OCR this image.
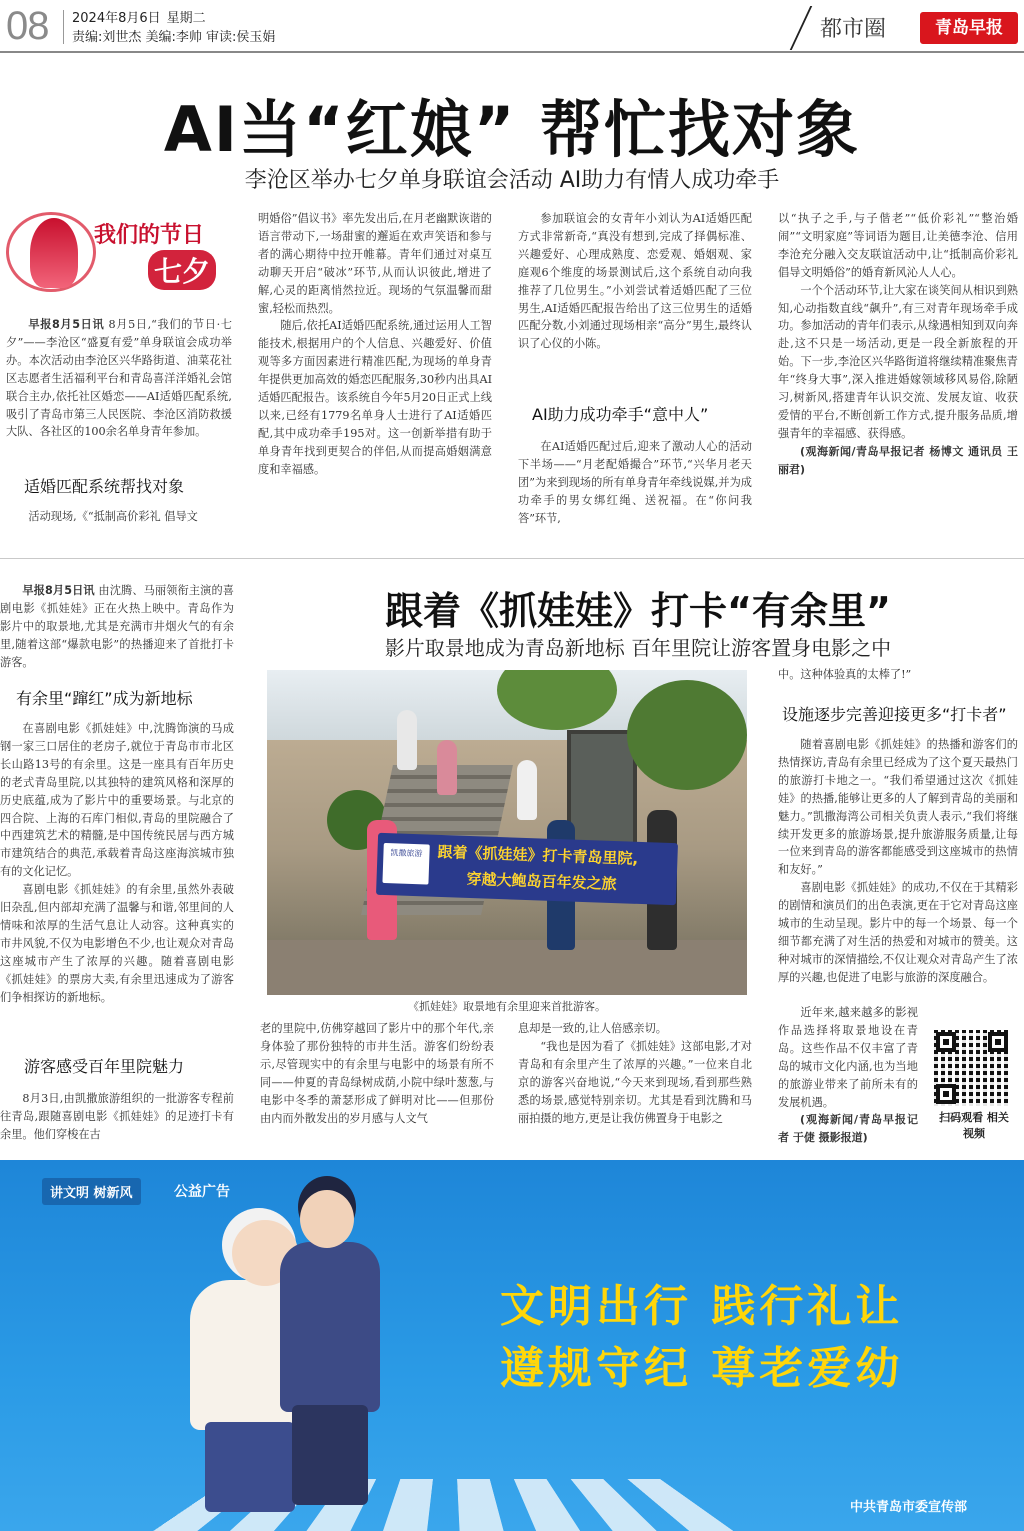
08 2024年8月6日 星期二
责编:刘世杰 美编:李帅 审读:侯玉娟	都市圈	青岛早报
AI当“红娘” 帮忙找对象
李沧区举办七夕单身联谊会活动 AI助力有情人成功牵手
我们的节日
七夕

早报8月5日讯 8月5日,“我们的节日·七夕”——李沧区“盛夏有爱”单身联谊会成功举办。本次活动由李沧区兴华路街道、油菜花社区志愿者生活福利平台和青岛喜洋洋婚礼会馆联合主办,依托社区婚恋——AI适婚匹配系统,吸引了青岛市第三人民医院、李沧区消防救援大队、各社区的100余名单身青年参加。

适婚匹配系统帮找对象

活动现场,《“抵制高价彩礼 倡导文

明婚俗”倡议书》率先发出后,在月老幽默诙谐的语言带动下,一场甜蜜的邂逅在欢声笑语和参与者的满心期待中拉开帷幕。青年们通过对桌互动聊天开启“破冰”环节,从而认识彼此,增进了解,心灵的距离悄然拉近。现场的气氛温馨而甜蜜,轻松而热烈。

随后,依托AI适婚匹配系统,通过运用人工智能技术,根据用户的个人信息、兴趣爱好、价值观等多方面因素进行精准匹配,为现场的单身青年提供更加高效的婚恋匹配服务,30秒内出具AI适婚匹配报告。该系统自今年5月20日正式上线以来,已经有1779名单身人士进行了AI适婚匹配,其中成功牵手195对。这一创新举措有助于单身青年找到更契合的伴侣,从而提高婚姻满意度和幸福感。

参加联谊会的女青年小刘认为AI适婚匹配方式非常新奇,“真没有想到,完成了择偶标准、兴趣爱好、心理成熟度、恋爱观、婚姻观、家庭观6个维度的场景测试后,这个系统自动向我推荐了几位男生。”小刘尝试着适婚匹配了三位男生,AI适婚匹配报告给出了这三位男生的适婚匹配分数,小刘通过现场相亲“高分”男生,最终认识了心仪的小陈。

AI助力成功牵手“意中人”

在AI适婚匹配过后,迎来了激动人心的活动下半场——“月老配婚撮合”环节,“兴华月老天团”为来到现场的所有单身青年牵线说媒,并为成功牵手的男女绑红绳、送祝福。在“你问我答”环节,

以“执子之手,与子偕老”“低价彩礼”“整治婚闹”“文明家庭”等词语为题目,让美德李沧、信用李沧充分融入交友联谊活动中,让“抵制高价彩礼 倡导文明婚俗”的婚育新风沁人人心。

一个个活动环节,让大家在谈笑间从相识到熟知,心动指数直线“飙升”,有三对青年现场牵手成功。参加活动的青年们表示,从缘遇相知到双向奔赴,这不只是一场活动,更是一段全新旅程的开始。下一步,李沧区兴华路街道将继续精准聚焦青年“终身大事”,深入推进婚嫁领域移风易俗,除陋习,树新风,搭建青年认识交流、发展友谊、收获爱情的平台,不断创新工作方式,提升服务品质,增强青年的幸福感、获得感。

(观海新闻/青岛早报记者 杨博文 通讯员 王丽君)

跟着《抓娃娃》打卡“有余里”
影片取景地成为青岛新地标 百年里院让游客置身电影之中

早报8月5日讯 由沈腾、马丽领衔主演的喜剧电影《抓娃娃》正在火热上映中。青岛作为影片中的取景地,尤其是充满市井烟火气的有余里,随着这部“爆款电影”的热播迎来了首批打卡游客。

有余里“蹿红”成为新地标

在喜剧电影《抓娃娃》中,沈腾饰演的马成钢一家三口居住的老房子,就位于青岛市市北区长山路13号的有余里。这是一座具有百年历史的老式青岛里院,以其独特的建筑风格和深厚的历史底蕴,成为了影片中的重要场景。与北京的四合院、上海的石库门相似,青岛的里院融合了中西建筑艺术的精髓,是中国传统民居与西方城市建筑结合的典范,承载着青岛这座海滨城市独有的文化记忆。

喜剧电影《抓娃娃》的有余里,虽然外表破旧杂乱,但内部却充满了温馨与和谐,邻里间的人情味和浓厚的生活气息让人动容。这种真实的市井风貌,不仅为电影增色不少,也让观众对青岛这座城市产生了浓厚的兴趣。随着喜剧电影《抓娃娃》的票房大卖,有余里迅速成为了游客们争相探访的新地标。

游客感受百年里院魅力

8月3日,由凯撒旅游组织的一批游客专程前往青岛,跟随喜剧电影《抓娃娃》的足迹打卡有余里。他们穿梭在古

凯撒旅游 跟着《抓娃娃》打卡青岛里院,
穿越大鲍岛百年发之旅
《抓娃娃》取景地有余里迎来首批游客。

老的里院中,仿佛穿越回了影片中的那个年代,亲身体验了那份独特的市井生活。游客们纷纷表示,尽管现实中的有余里与电影中的场景有所不同——仲夏的青岛绿树成荫,小院中绿叶葱葱,与电影中冬季的萧瑟形成了鲜明对比——但那份由内而外散发出的岁月感与人文气

息却是一致的,让人倍感亲切。

“我也是因为看了《抓娃娃》这部电影,才对青岛和有余里产生了浓厚的兴趣。”一位来自北京的游客兴奋地说,“今天来到现场,看到那些熟悉的场景,感觉特别亲切。尤其是看到沈腾和马丽拍摄的地方,更是让我仿佛置身于电影之

中。这种体验真的太棒了!”

设施逐步完善迎接更多“打卡者”

随着喜剧电影《抓娃娃》的热播和游客们的热情探访,青岛有余里已经成为了这个夏天最热门的旅游打卡地之一。“我们希望通过这次《抓娃娃》的热播,能够让更多的人了解到青岛的美丽和魅力。”凯撒海湾公司相关负责人表示,“我们将继续开发更多的旅游场景,提升旅游服务质量,让每一位来到青岛的游客都能感受到这座城市的热情和友好。”

喜剧电影《抓娃娃》的成功,不仅在于其精彩的剧情和演员们的出色表演,更在于它对青岛这座城市的生动呈现。影片中的每一个场景、每一个细节都充满了对生活的热爱和对城市的赞美。这种对城市的深情描绘,不仅让观众对青岛产生了浓厚的兴趣,也促进了电影与旅游的深度融合。

近年来,越来越多的影视作品选择将取景地设在青岛。这些作品不仅丰富了青岛的城市文化内涵,也为当地的旅游业带来了前所未有的发展机遇。

(观海新闻/青岛早报记者 于倢 摄影报道)

扫码观看 相关视频
讲文明 树新风	公益广告
文明出行 践行礼让
遵规守纪 尊老爱幼
中共青岛市委宣传部
